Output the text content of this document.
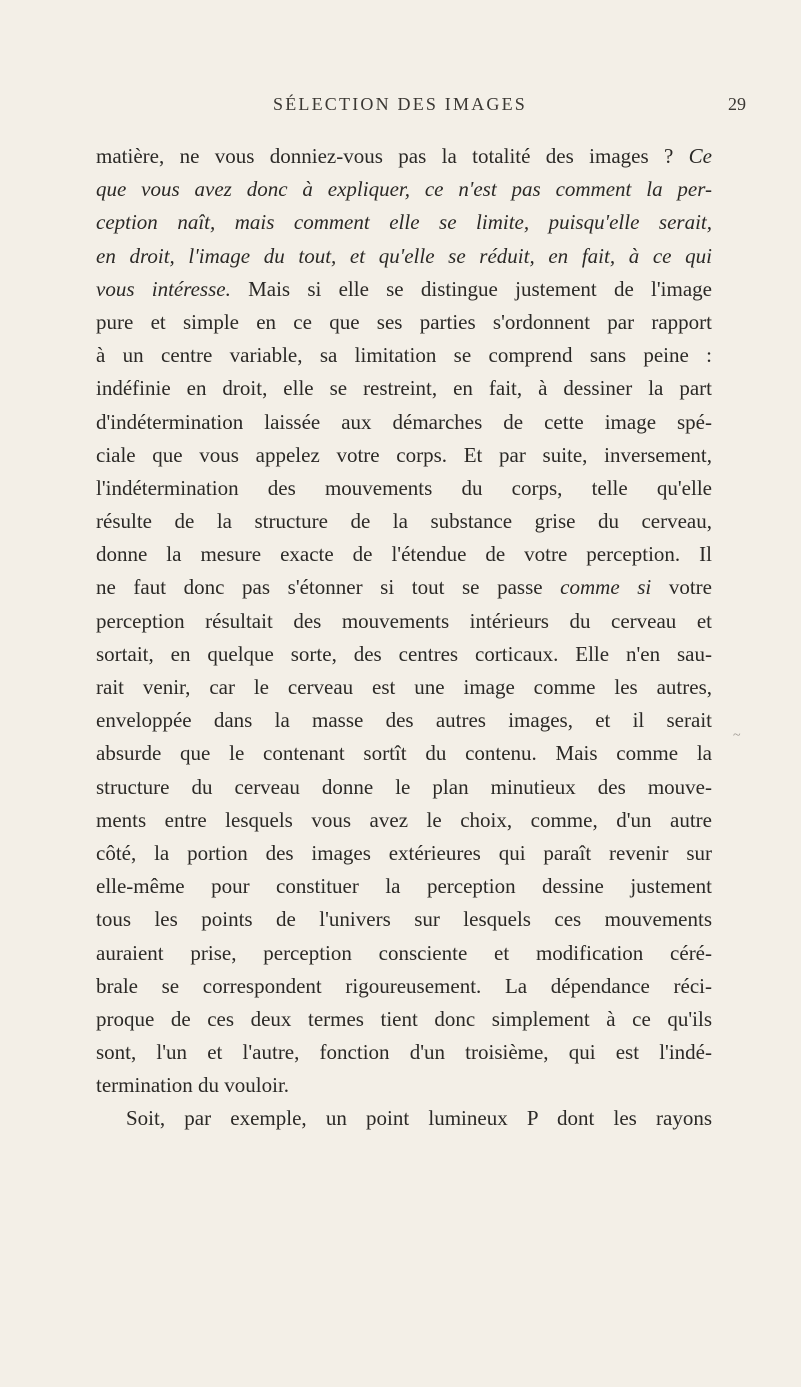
SÉLECTION DES IMAGES	29
matière, ne vous donniez-vous pas la totalité des images ? Ce
que vous avez donc à expliquer, ce n'est pas comment la per-
ception naît, mais comment elle se limite, puisqu'elle serait,
en droit, l'image du tout, et qu'elle se réduit, en fait, à ce qui
vous intéresse. Mais si elle se distingue justement de l'image
pure et simple en ce que ses parties s'ordonnent par rapport
à un centre variable, sa limitation se comprend sans peine :
indéfinie en droit, elle se restreint, en fait, à dessiner la part
d'indétermination laissée aux démarches de cette image spé-
ciale que vous appelez votre corps. Et par suite, inversement,
l'indétermination des mouvements du corps, telle qu'elle
résulte de la structure de la substance grise du cerveau,
donne la mesure exacte de l'étendue de votre perception. Il
ne faut donc pas s'étonner si tout se passe comme si votre
perception résultait des mouvements intérieurs du cerveau et
sortait, en quelque sorte, des centres corticaux. Elle n'en sau-
rait venir, car le cerveau est une image comme les autres,
enveloppée dans la masse des autres images, et il serait
absurde que le contenant sortît du contenu. Mais comme la
structure du cerveau donne le plan minutieux des mouve-
ments entre lesquels vous avez le choix, comme, d'un autre
côté, la portion des images extérieures qui paraît revenir sur
elle-même pour constituer la perception dessine justement
tous les points de l'univers sur lesquels ces mouvements
auraient prise, perception consciente et modification céré-
brale se correspondent rigoureusement. La dépendance réci-
proque de ces deux termes tient donc simplement à ce qu'ils
sont, l'un et l'autre, fonction d'un troisième, qui est l'indé-
termination du vouloir.
Soit, par exemple, un point lumineux P dont les rayons
~
